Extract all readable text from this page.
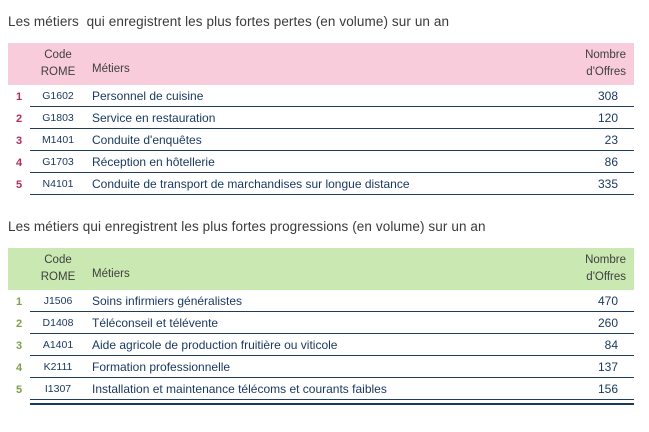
Les métiers  qui enregistrent les plus fortes pertes (en volume) sur un an
Code
ROME	Métiers
Nombre
d'Offres
1	G1602	Personnel de cuisine	308
2	G1803	Service en restauration	120
3	M1401	Conduite d'enquêtes	23
4	G1703	Réception en hôtellerie	86
5	N4101	Conduite de transport de marchandises sur longue distance	335
Les métiers qui enregistrent les plus fortes progressions (en volume) sur un an
Code
ROME	Métiers
Nombre
d'Offres
1	J1506	Soins infirmiers généralistes	470
2	D1408	Téléconseil et télévente	260
3	A1401	Aide agricole de production fruitière ou viticole	84
4	K2111	Formation professionnelle	137
5	I1307	Installation et maintenance télécoms et courants faibles	156
